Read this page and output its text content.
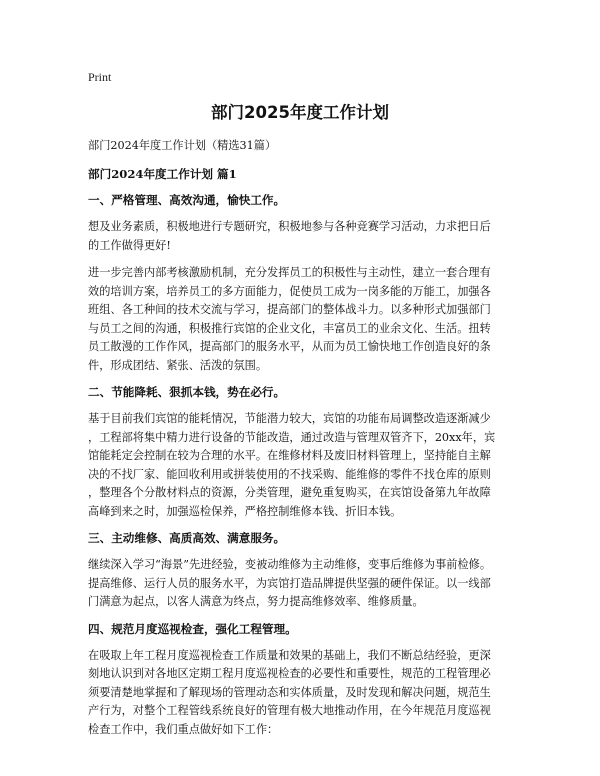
Print
部门2025年度工作计划
部门2024年度工作计划（精选31篇）
部门2024年度工作计划 篇1
一、严格管理、高效沟通，愉快工作。
想及业务素质，积极地进行专题研究，积极地参与各种竞赛学习活动，力求把日后
的工作做得更好!
进一步完善内部考核激励机制，充分发挥员工的积极性与主动性，建立一套合理有
效的培训方案，培养员工的多方面能力，促使员工成为一岗多能的万能工，加强各
班组、各工种间的技术交流与学习，提高部门的整体战斗力。以多种形式加强部门
与员工之间的沟通，积极推行宾馆的企业文化，丰富员工的业余文化、生活。扭转
员工散漫的工作作风，提高部门的服务水平，从而为员工愉快地工作创造良好的条
件，形成团结、紧张、活泼的氛围。
二、节能降耗、狠抓本钱，势在必行。
基于目前我们宾馆的能耗情况，节能潜力较大，宾馆的功能布局调整改造逐渐减少
，工程部将集中精力进行设备的节能改造，通过改造与管理双管齐下，20xx年，宾
馆能耗定会控制在较为合理的水平。在维修材料及废旧材料管理上，坚持能自主解
决的不找厂家、能回收利用或拼装使用的不找采购、能维修的零件不找仓库的原则
，整理各个分散材料点的资源，分类管理，避免重复购买，在宾馆设备第九年故障
高峰到来之时，加强巡检保养，严格控制维修本钱、折旧本钱。
三、主动维修、高质高效、满意服务。
继续深入学习“海景”先进经验，变被动维修为主动维修，变事后维修为事前检修。
提高维修、运行人员的服务水平，为宾馆打造品牌提供坚强的硬件保证。以一线部
门满意为起点，以客人满意为终点，努力提高维修效率、维修质量。
四、规范月度巡视检查，强化工程管理。
在吸取上年工程月度巡视检查工作质量和效果的基础上，我们不断总结经验，更深
刻地认识到对各地区定期工程月度巡视检查的必要性和重要性，规范的工程管理必
须要清楚地掌握和了解现场的管理动态和实体质量，及时发现和解决问题，规范生
产行为，对整个工程管线系统良好的管理有极大地推动作用，在今年规范月度巡视
检查工作中，我们重点做好如下工作：
